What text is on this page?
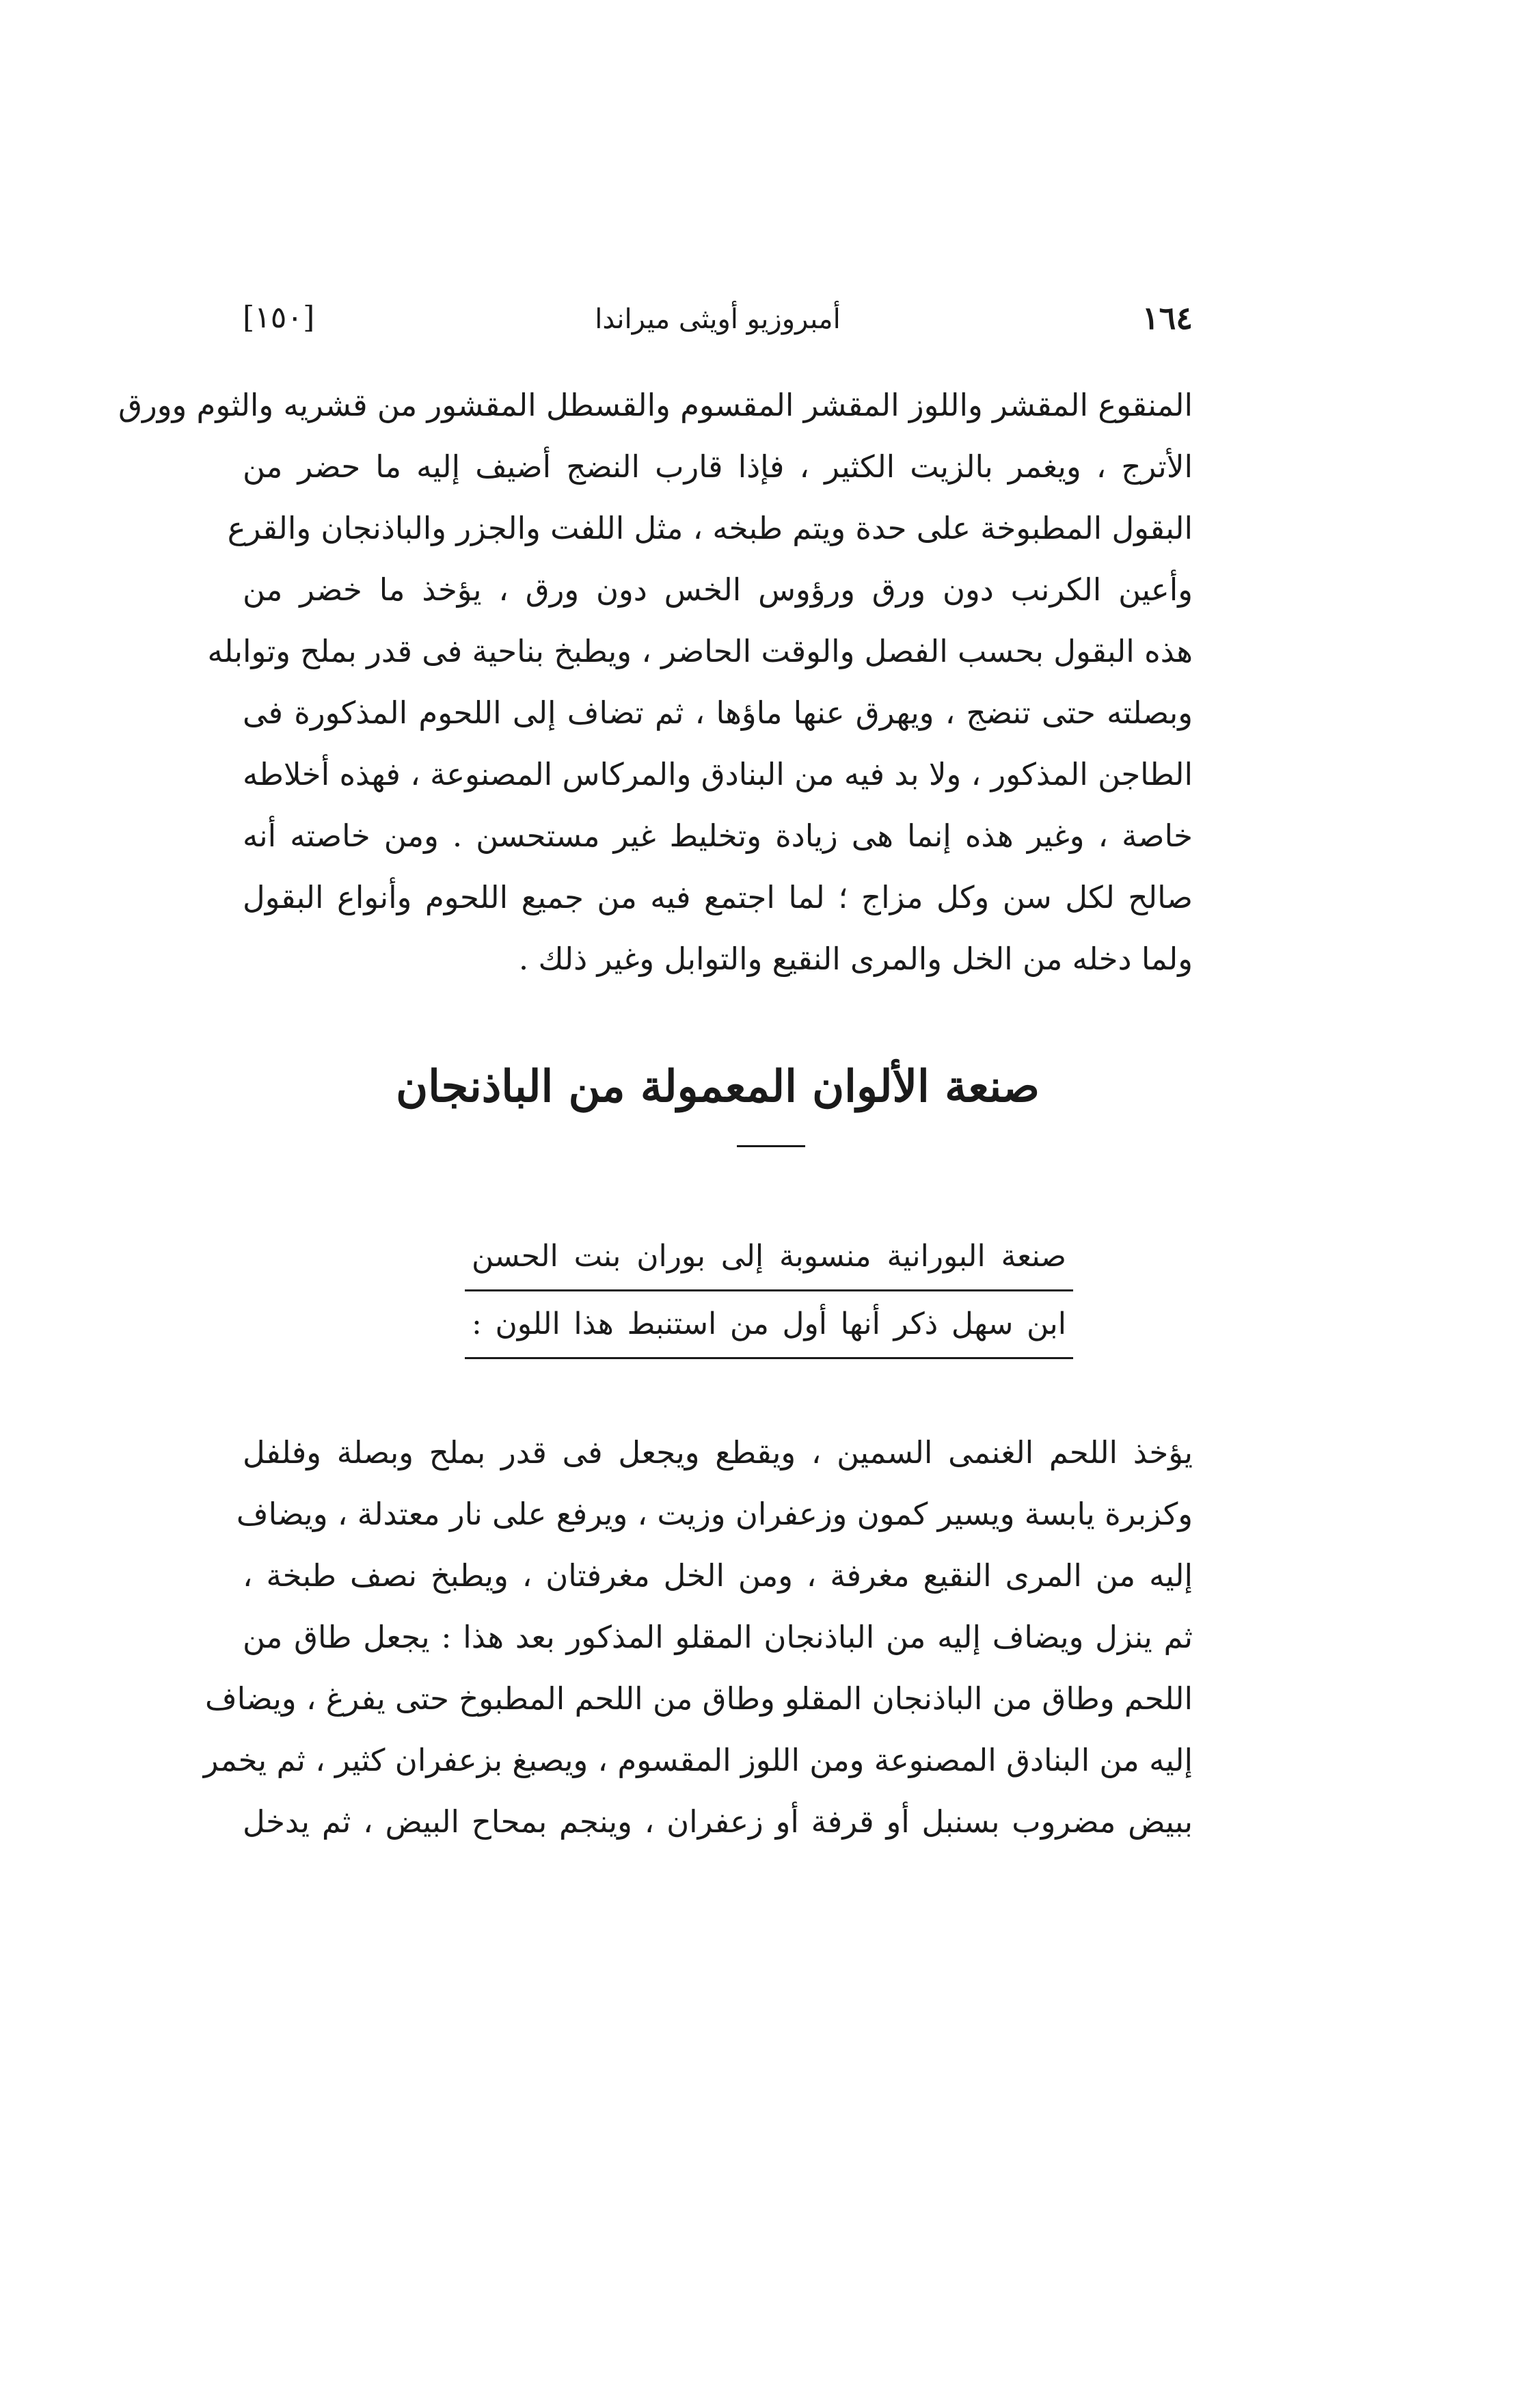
١٦٤
أمبروزيو أويثى ميراندا
[١٥٠]
المنقوع المقشر واللوز المقشر المقسوم والقسطل المقشور من قشريه والثوم وورق
الأترج ، ويغمر بالزيت الكثير ، فإذا قارب النضج أضيف إليه ما حضر من
البقول المطبوخة على حدة ويتم طبخه ، مثل اللفت والجزر والباذنجان والقرع
وأعين الكرنب دون ورق ورؤوس الخس دون ورق ، يؤخذ ما خضر من
هذه البقول بحسب الفصل والوقت الحاضر ، ويطبخ بناحية فى قدر بملح وتوابله
وبصلته حتى تنضج ، ويهرق عنها ماؤها ، ثم تضاف إلى اللحوم المذكورة فى
الطاجن المذكور ، ولا بد فيه من البنادق والمركاس المصنوعة ، فهذه أخلاطه
خاصة ، وغير هذه إنما هى زيادة وتخليط غير مستحسن . ومن خاصته أنه
صالح لكل سن وكل مزاج ؛ لما اجتمع فيه من جميع اللحوم وأنواع البقول
ولما دخله من الخل والمرى النقيع والتوابل وغير ذلك .
صنعة الألوان المعمولة من الباذنجان
صنعة البورانية منسوبة إلى بوران بنت الحسن
ابن سهل ذكر أنها أول من استنبط هذا اللون :
يؤخذ اللحم الغنمى السمين ، ويقطع ويجعل فى قدر بملح وبصلة وفلفل
وكزبرة يابسة ويسير كمون وزعفران وزيت ، ويرفع على نار معتدلة ، ويضاف
إليه من المرى النقيع مغرفة ، ومن الخل مغرفتان ، ويطبخ نصف طبخة ،
ثم ينزل ويضاف إليه من الباذنجان المقلو المذكور بعد هذا : يجعل طاق من
اللحم وطاق من الباذنجان المقلو وطاق من اللحم المطبوخ حتى يفرغ ، ويضاف
إليه من البنادق المصنوعة ومن اللوز المقسوم ، ويصبغ بزعفران كثير ، ثم يخمر
ببيض مضروب بسنبل أو قرفة أو زعفران ، وينجم بمحاح البيض ، ثم يدخل
